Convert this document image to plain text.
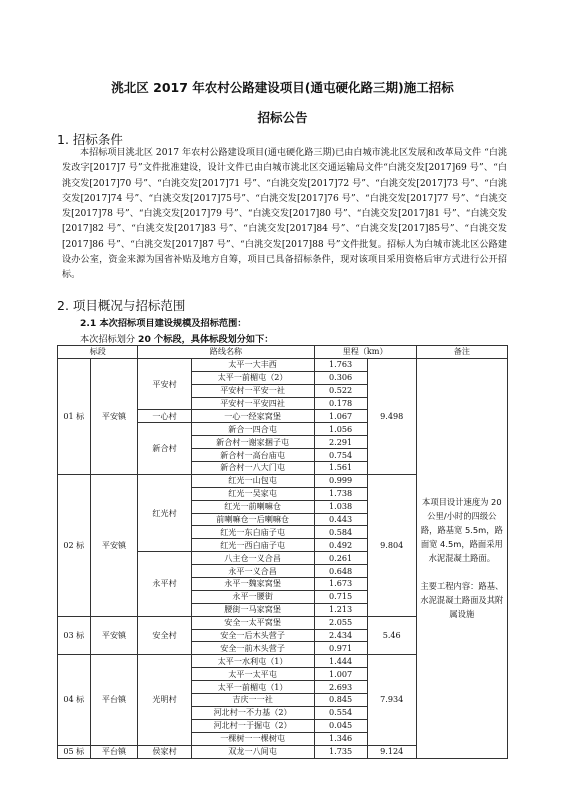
洮北区 2017 年农村公路建设项目(通屯硬化路三期)施工招标
招标公告
1. 招标条件
本招标项目洮北区 2017 年农村公路建设项目(通屯硬化路三期)已由白城市洮北区发展和改革局文件 “白洮发改字[2017]7 号”文件批准建设，设计文件已由白城市洮北区交通运输局文件“白洮交发[2017]69 号”、“白洮交发[2017]70 号”、“白洮交发[2017]71 号”、“白洮交发[2017]72 号”、“白洮交发[2017]73 号”、“白洮交发[2017]74 号”、“白洮交发[2017]75号”、“白洮交发[2017]76 号”、“白洮交发[2017]77 号”、“白洮交发[2017]78 号”、“白洮交发[2017]79 号”、“白洮交发[2017]80 号”、“白洮交发[2017]81 号”、“白洮交发[2017]82 号”、“白洮交发[2017]83 号”、“白洮交发[2017]84 号”、“白洮交发[2017]85号”、“白洮交发[2017]86 号”、“白洮交发[2017]87 号”、“白洮交发[2017]88 号”文件批复。招标人为白城市洮北区公路建设办公室，资金来源为国省补贴及地方自筹，项目已具备招标条件，现对该项目采用资格后审方式进行公开招标。
2. 项目概况与招标范围
2.1 本次招标项目建设规模及招标范围：
本次招标划分 20 个标段，具体标段划分如下：
标段		路线名称		里程（km）		备注
01 标	平安镇	平安村	太平一大丰西	1.763	9.498	本项目设计速度为 20 公里/小时的四级公路，路基宽 5.5m，路面宽 4.5m，路面采用水泥混凝土路面。

主要工程内容：路基、水泥混凝土路面及其附属设施

			太平一前楣屯（2）	0.306		
			平安村一平安一社	0.522		
			平安村一平安四社	0.178		
		一心村	一心一经家窝堡	1.067		
		新合村	新合一四合屯	1.056		
			新合村一谢家捆子屯	2.291		
			新合村一高台庙屯	0.754		
			新合村一八大门屯	1.561		
02 标	平安镇	红光村	红光一山包屯	0.999	9.804	
			红光一吴家屯	1.738		
			红光一前喇嘛仓	1.038		
			前喇嘛仓一后喇嘛仓	0.443		
			红光一东白庙子屯	0.584		
			红光一西白庙子屯	0.492		
		永平村	八主仓一义合昌	0.261		
			永平一义合昌	0.648		
			永平一魏家窝堡	1.673		
			永平一腰街	0.715		
			腰街一马家窝堡	1.213		
03 标	平安镇	安全村	安全一太平窝堡	2.055	5.46	
			安全一后木头营子	2.434		
			安全一前木头营子	0.971		
04 标	平台镇	光明村	太平一水利屯（1）	1.444	7.934	
			太平一太平屯	1.007		
			太平一前楣屯（1）	2.693		
			吉庆一一社	0.845		
			河北村一不力基（2）	0.554		
			河北村一于掘屯（2）	0.045		
			一棵树一一棵树屯	1.346		
05 标	平台镇	侯家村	双龙一八间屯	1.735	9.124	
